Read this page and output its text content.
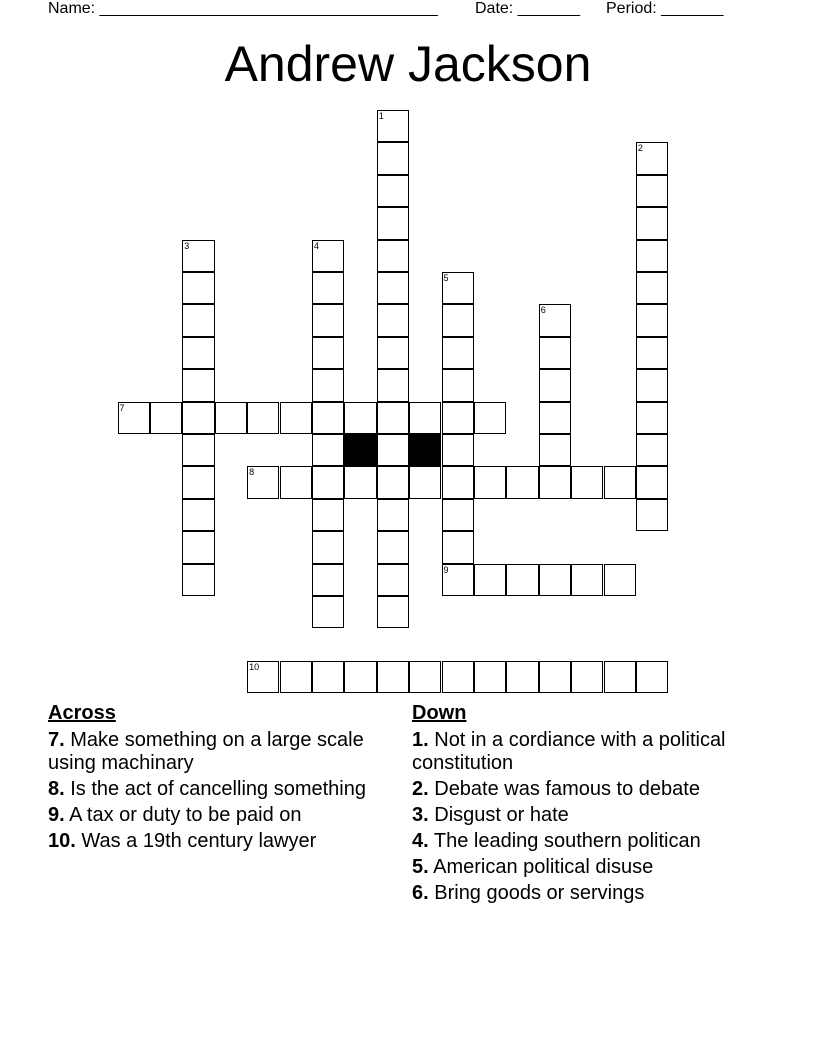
Name: ______________________________________ Date: _______ Period: _______
Andrew Jackson
1
2
3	4
5
6
7
8
9
10
Across
7. Make something on a large scale using machinary
8. Is the act of cancelling something
9. A tax or duty to be paid on
10. Was a 19th century lawyer
Down
1. Not in a cordiance with a political constitution
2. Debate was famous to debate
3. Disgust or hate
4. The leading southern politican
5. American political disuse
6. Bring goods or servings
